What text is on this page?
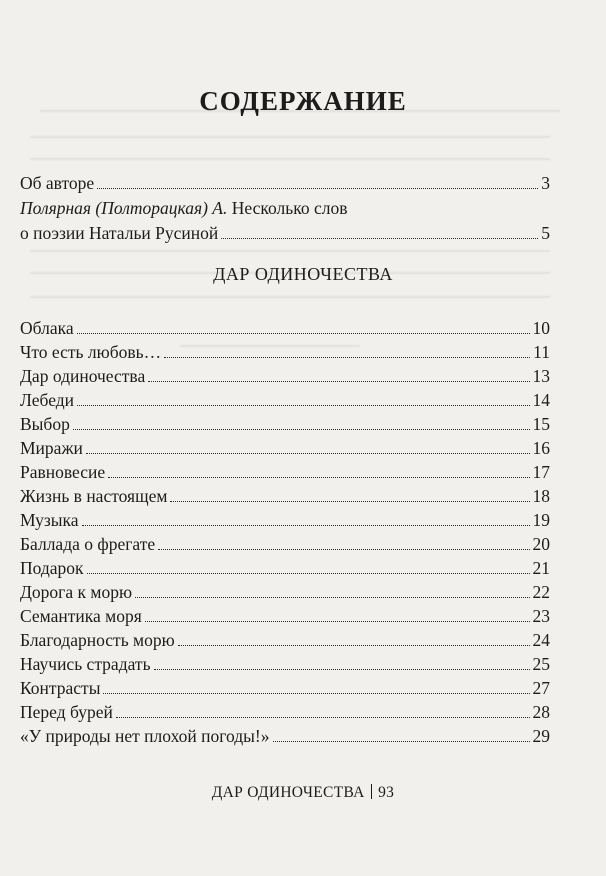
СОДЕРЖАНИЕ
Об авторе	3
Полярная (Полторацкая) А. Несколько слов
о поэзии Натальи Русиной	5
ДАР ОДИНОЧЕСТВА
Облака	10
Что есть любовь…	11
Дар одиночества	13
Лебеди	14
Выбор	15
Миражи	16
Равновесие	17
Жизнь в настоящем	18
Музыка	19
Баллада о фрегате	20
Подарок	21
Дорога к морю	22
Семантика моря	23
Благодарность морю	24
Научись страдать	25
Контрасты	27
Перед бурей	28
«У природы нет плохой погоды!»	29
ДАР ОДИНОЧЕСТВА 93
